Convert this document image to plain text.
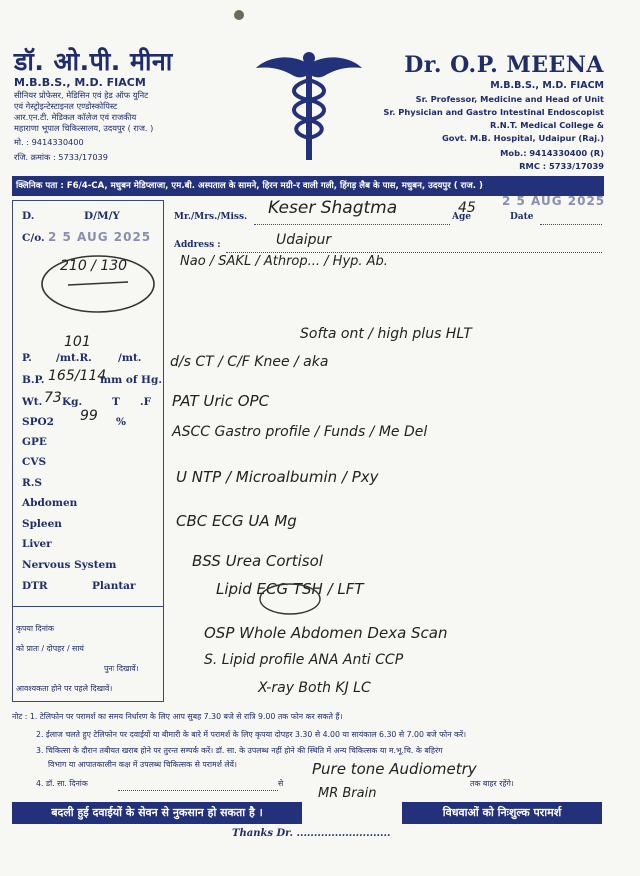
डॉ. ओ.पी. मीना
M.B.B.S., M.D. FIACM
सीनियर प्रोफेसर, मेडिसिन एवं हेड ऑफ युनिट
एवं गेस्ट्रोइन्टेस्टाइनल एण्डोस्कोपिस्ट
आर.एन.टी. मेडिकल कॉलेज एवं राजकीय
महाराणा भूपाल चिकित्सालय, उदयपुर ( राज. )
मो. : 9414330400
रजि. क्रमांक : 5733/17039
Dr. O.P. MEENA
M.B.B.S., M.D. FIACM
Sr. Professor, Medicine and Head of Unit
Sr. Physician and Gastro Intestinal Endoscopist
R.N.T. Medical College &
Govt. M.B. Hospital, Udaipur (Raj.)
Mob.: 9414330400 (R)
RMC : 5733/17039
क्लिनिक पता : F6/4-CA, मधुबन मेडिप्लाजा, एम.बी. अस्पताल के सामने, हिरन मग्री-र वाली गली, हिंगड़ लैब के पास, मधुबन, उदयपुर ( राज. )
D.	D/M/Y
C/o. 2 5 AUG 2025
210 / 130
P. /mt.R. /mt.
101
B.P. 165/114
mm of Hg.
Wt. 73 Kg.	T .F
SPO2 99 %
GPE
CVS
R.S
Abdomen
Spleen
Liver
Nervous System
DTR	Plantar
कृपया दिनांक
को प्रातः / दोपहर / सायं
पुनः दिखावें।
आवश्यकता होने पर पहले दिखावें।
Mr./Mrs./Miss. Keser Shagtma	45
Age	Date
2 5 AUG 2025
Address :	Udaipur
Nao / SAKL / Athrop... / Hyp. Ab.
Softa ont / high plus HLT
d/s CT / C/F Knee / aka
PAT Uric OPC
ASCC Gastro profile / Funds / Me Del
U NTP / Microalbumin / Pxy
CBC ECG UA Mg
BSS Urea Cortisol
Lipid ECG TSH / LFT
OSP Whole Abdomen Dexa Scan
S. Lipid profile ANA Anti CCP
X-ray Both KJ LC
नोट : 1. टेलिफोन पर परामर्श का समय निर्धारण के लिए आप सुबह 7.30 बजे से रात्रि 9.00 तक फोन कर सकते हैं।
2. ईलाज चलते हुए टेलिफोन पर दवाईयों या बीमारी के बारे में परामर्श के लिए कृपया दोपहर 3.30 से 4.00 या सायंकाल 6.30 से 7.00 बजे फोन करें।
3. चिकित्सा के दौरान तबीयत खराब होने पर तुरन्त सम्पर्क करें। डॉ. सा. के उपलब्ध नहीं होने की स्थिति में अन्य चिकित्सक या म.भू.चि. के बहिरंग
विभाग या आपातकालीन कक्ष में उपलब्ध चिकित्सक से परामर्श लेवें।
4. डॉ. सा. दिनांक	से	तक बाहर रहेंगे।
Pure tone Audiometry
MR Brain
बदली हुई दवाईयों के सेवन से नुकसान हो सकता है ।	विधवाओं को निःशुल्क परामर्श
Thanks Dr. ...........................
